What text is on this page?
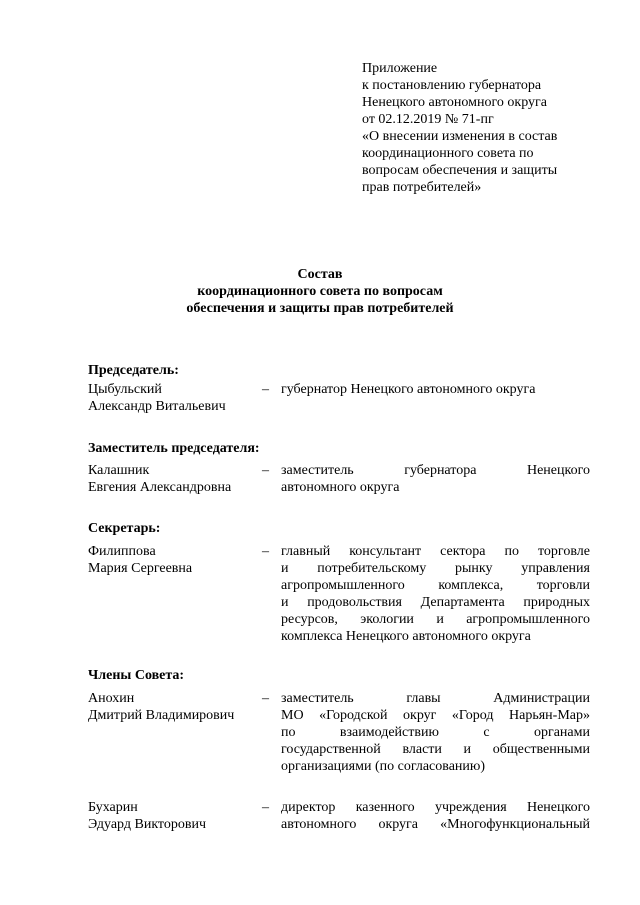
Приложение
к постановлению губернатора
Ненецкого автономного округа
от 02.12.2019 № 71-пг
«О внесении изменения в состав
координационного совета по
вопросам обеспечения и защиты
прав потребителей»
Состав
координационного совета по вопросам
обеспечения и защиты прав потребителей
Председатель:
Цыбульский
Александр Витальевич
– губернатор Ненецкого автономного округа
Заместитель председателя:
Калашник
Евгения Александровна
– заместитель	губернатора	Ненецкого
автономного округа
Секретарь:
Филиппова
Мария Сергеевна
– главный консультант сектора по торговле
и потребительскому рынку управления
агропромышленного комплекса, торговли
и продовольствия Департамента природных
ресурсов, экологии и агропромышленного
комплекса Ненецкого автономного округа
Члены Совета:
Анохин
Дмитрий Владимирович
– заместитель	главы	Администрации
МО «Городской округ «Город Нарьян-Мар»
по	взаимодействию	с	органами
государственной власти и общественными
организациями (по согласованию)
Бухарин
Эдуард Викторович
– директор казенного учреждения Ненецкого
автономного округа «Многофункциональный
